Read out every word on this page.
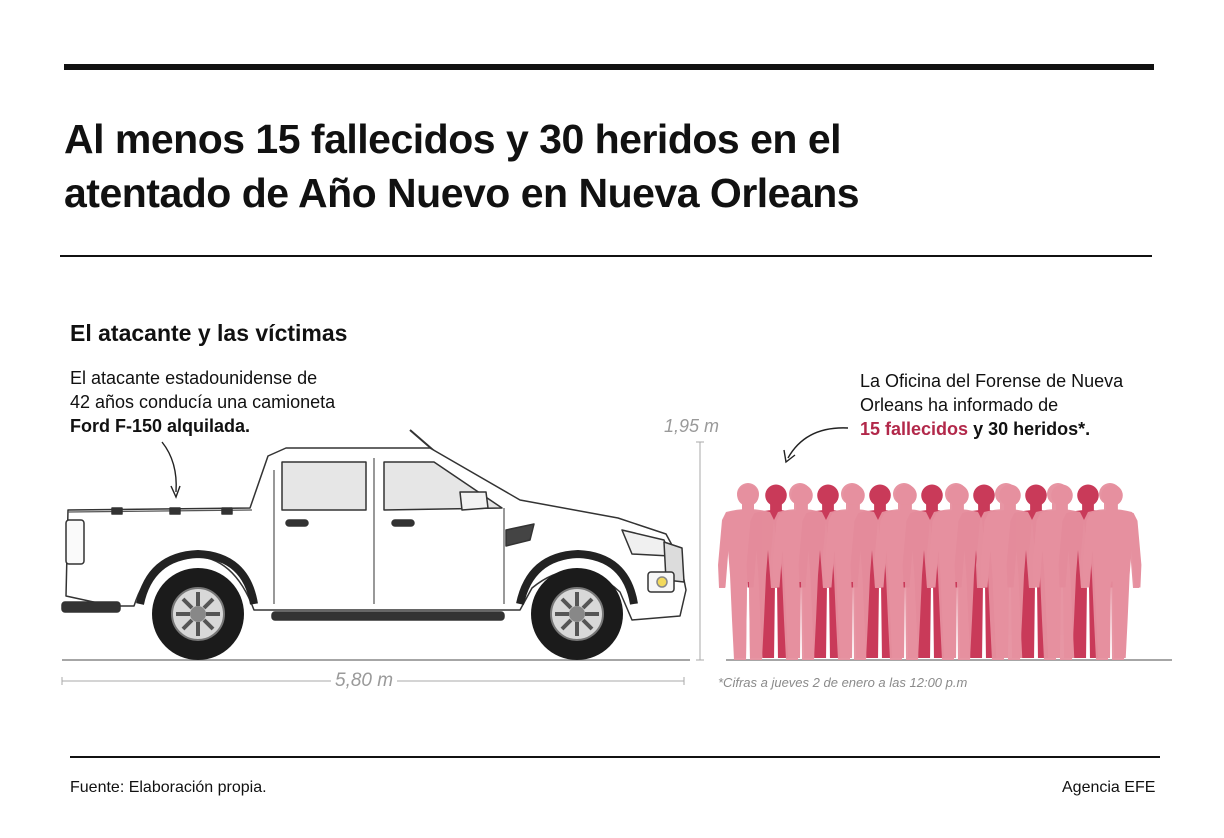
Al menos 15 fallecidos y 30 heridos en el
atentado de Año Nuevo en Nueva Orleans
El atacante y las víctimas
El atacante estadounidense de
42 años conducía una camioneta
Ford F-150 alquilada.
La Oficina del Forense de Nueva Orleans ha informado de
15 fallecidos y 30 heridos*.
1,95 m
5,80 m	*Cifras a jueves 2 de enero a las 12:00 p.m
Fuente: Elaboración propia.	Agencia EFE
